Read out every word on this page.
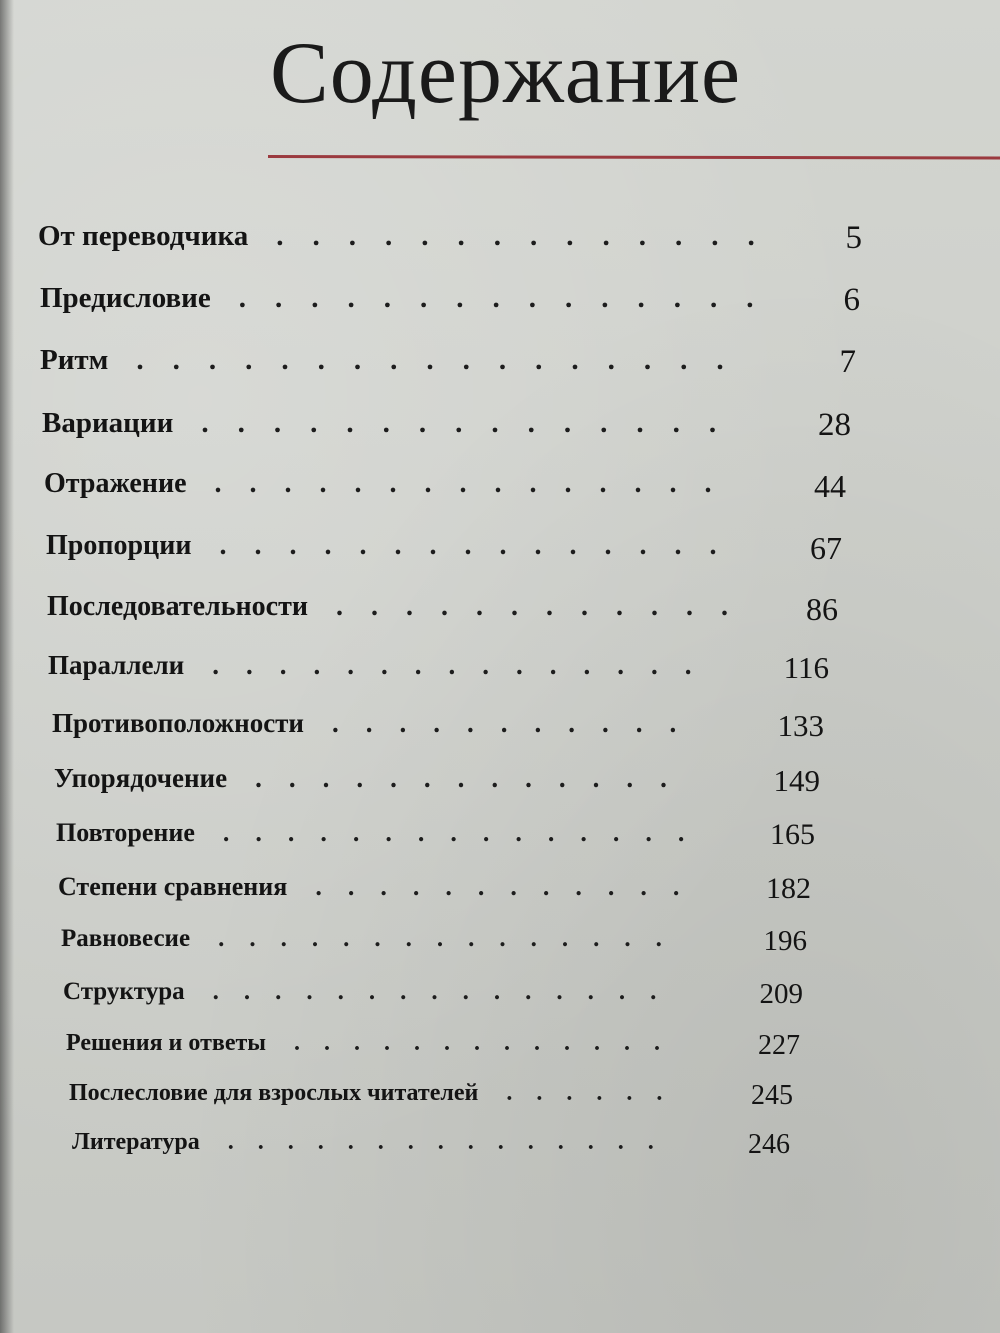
Содержание
От переводчика . . . . . . . . . . . . . . 	5
Предисловие . . . . . . . . . . . . . . . 	6
Ритм . . . . . . . . . . . . . . . . . 	7
Вариации . . . . . . . . . . . . . . . 	28
Отражение . . . . . . . . . . . . . . . 	44
Пропорции . . . . . . . . . . . . . . . 	67
Последовательности . . . . . . . . . . . . 	86
Параллели . . . . . . . . . . . . . . . 	116
Противоположности . . . . . . . . . . . 	133
Упорядочение . . . . . . . . . . . . . 	149
Повторение . . . . . . . . . . . . . . . 	165
Степени сравнения . . . . . . . . . . . . 	182
Равновесие . . . . . . . . . . . . . . . 	196
Структура . . . . . . . . . . . . . . . 	209
Решения и ответы . . . . . . . . . . . . . 	227
Послесловие для взрослых читателей . . . . . . 	245
Литература . . . . . . . . . . . . . . . 	246
